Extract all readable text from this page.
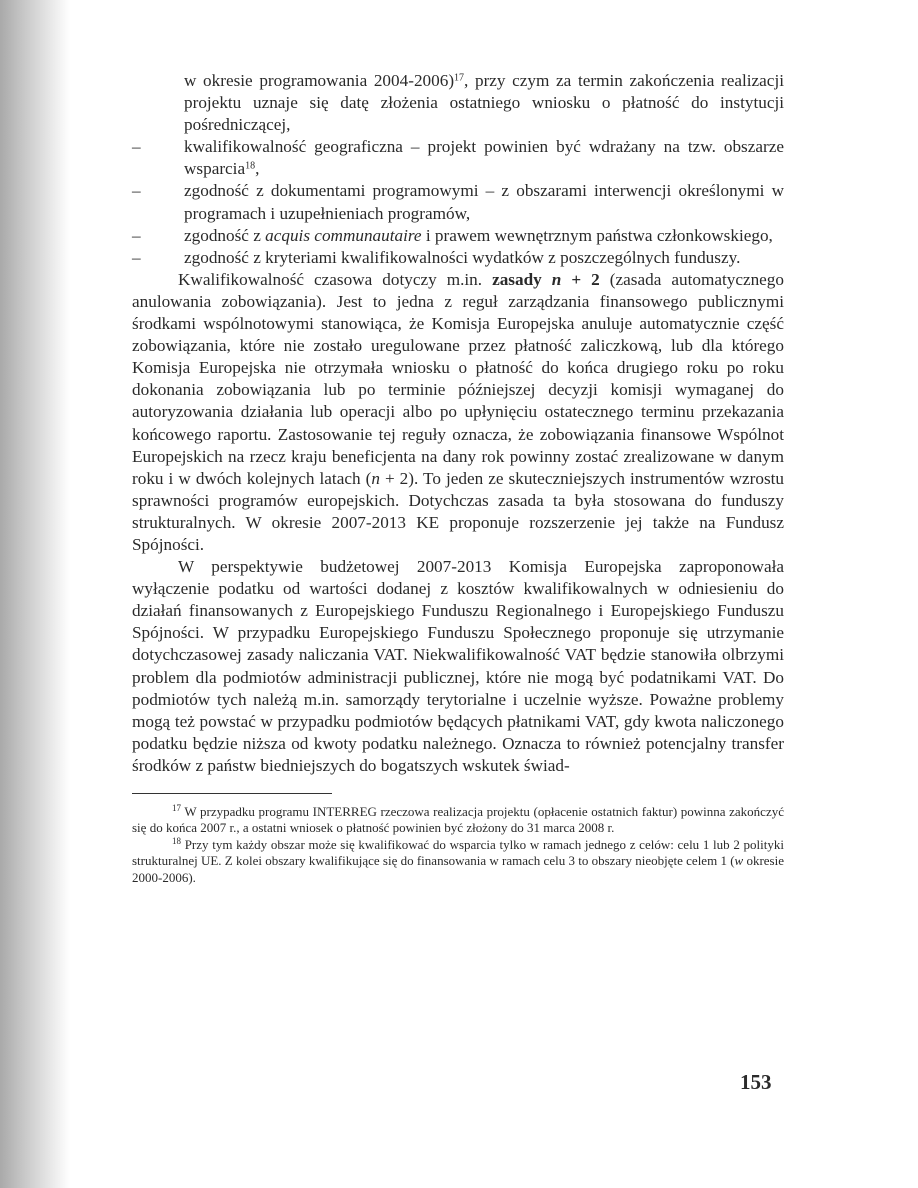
w okresie programowania 2004-2006)$^{17}$, przy czym za termin zakończenia realizacji projektu uznaje się datę złożenia ostatniego wniosku o płatność do instytucji pośredniczącej,

–	kwalifikowalność geograficzna – projekt powinien być wdrażany na tzw. obszarze wsparcia$^{18}$,
–	zgodność z dokumentami programowymi – z obszarami interwencji określonymi w programach i uzupełnieniach programów,
–	zgodność z acquis communautaire i prawem wewnętrznym państwa członkowskiego,
–	zgodność z kryteriami kwalifikowalności wydatków z poszczególnych funduszy.

Kwalifikowalność czasowa dotyczy m.in. zasady n + 2 (zasada automatycznego anulowania zobowiązania). Jest to jedna z reguł zarządzania finansowego publicznymi środkami wspólnotowymi stanowiąca, że Komisja Europejska anuluje automatycznie część zobowiązania, które nie zostało uregulowane przez płatność zaliczkową, lub dla którego Komisja Europejska nie otrzymała wniosku o płatność do końca drugiego roku po roku dokonania zobowiązania lub po terminie późniejszej decyzji komisji wymaganej do autoryzowania działania lub operacji albo po upłynięciu ostatecznego terminu przekazania końcowego raportu. Zastosowanie tej reguły oznacza, że zobowiązania finansowe Wspólnot Europejskich na rzecz kraju beneficjenta na dany rok powinny zostać zrealizowane w danym roku i w dwóch kolejnych latach (n + 2). To jeden ze skuteczniejszych instrumentów wzrostu sprawności programów europejskich. Dotychczas zasada ta była stosowana do funduszy strukturalnych. W okresie 2007-2013 KE proponuje rozszerzenie jej także na Fundusz Spójności.

W perspektywie budżetowej 2007-2013 Komisja Europejska zaproponowała wyłączenie podatku od wartości dodanej z kosztów kwalifikowalnych w odniesieniu do działań finansowanych z Europejskiego Funduszu Regionalnego i Europejskiego Funduszu Spójności. W przypadku Europejskiego Funduszu Społecznego proponuje się utrzymanie dotychczasowej zasady naliczania VAT. Niekwalifikowalność VAT będzie stanowiła olbrzymi problem dla podmiotów administracji publicznej, które nie mogą być podatnikami VAT. Do podmiotów tych należą m.in. samorządy terytorialne i uczelnie wyższe. Poważne problemy mogą też powstać w przypadku podmiotów będących płatnikami VAT, gdy kwota naliczonego podatku będzie niższa od kwoty podatku należnego. Oznacza to również potencjalny transfer środków z państw biedniejszych do bogatszych wskutek świad-

$^{17}$ W przypadku programu INTERREG rzeczowa realizacja projektu (opłacenie ostatnich faktur) powinna zakończyć się do końca 2007 r., a ostatni wniosek o płatność powinien być złożony do 31 marca 2008 r.

$^{18}$ Przy tym każdy obszar może się kwalifikować do wsparcia tylko w ramach jednego z celów: celu 1 lub 2 polityki strukturalnej UE. Z kolei obszary kwalifikujące się do finansowania w ramach celu 3 to obszary nieobjęte celem 1 (w okresie 2000-2006).

153
